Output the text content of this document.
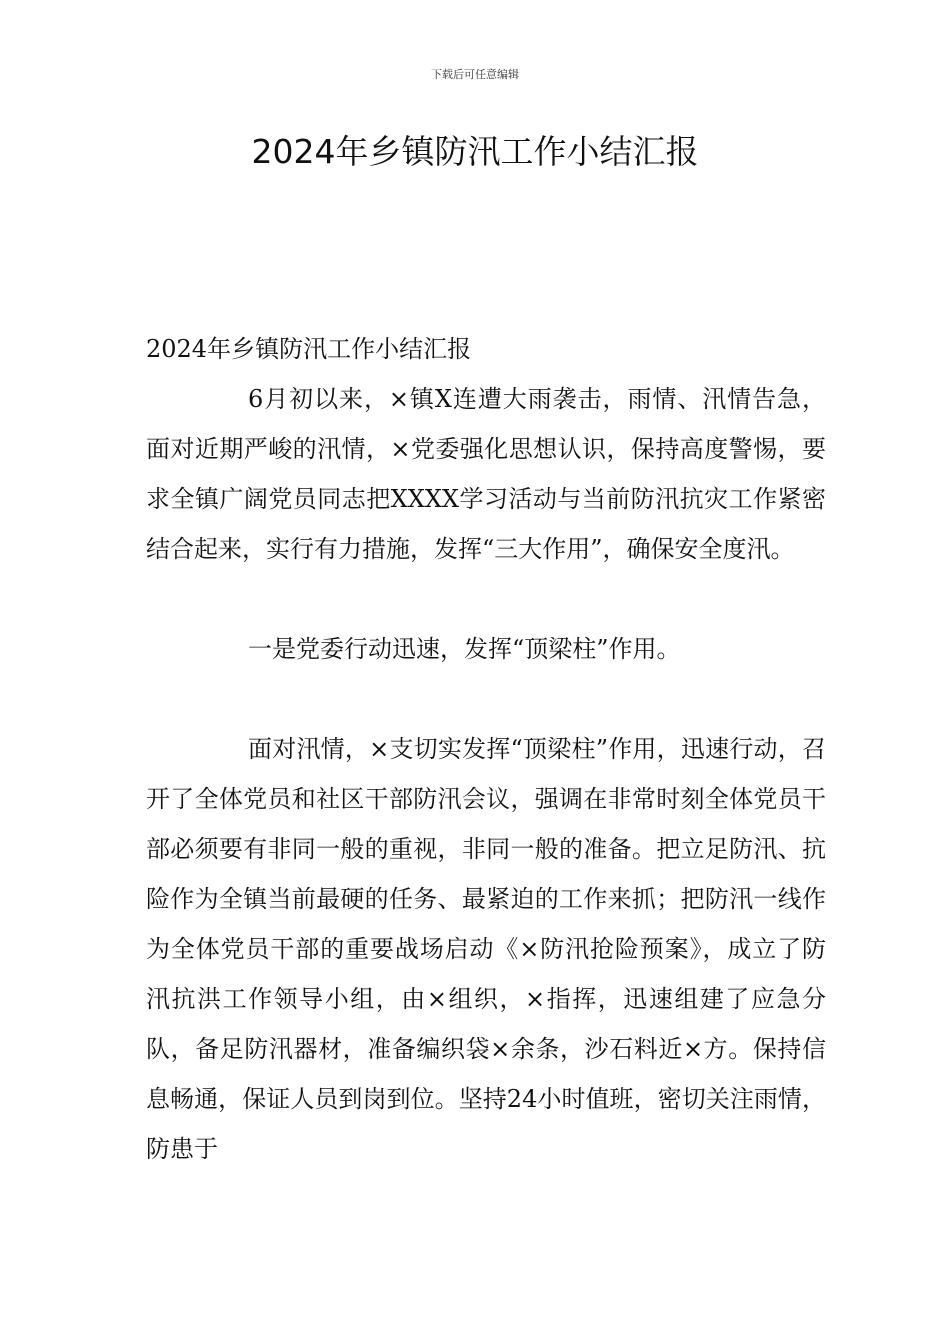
下载后可任意编辑
2024年乡镇防汛工作小结汇报

2024年乡镇防汛工作小结汇报

6月初以来，×镇X连遭大雨袭击，雨情、汛情告急，面对近期严峻的汛情，×党委强化思想认识，保持高度警惕，要求全镇广阔党员同志把XXXX学习活动与当前防汛抗灾工作紧密结合起来，实行有力措施，发挥“三大作用”，确保安全度汛。

一是党委行动迅速，发挥“顶梁柱”作用。

面对汛情，×支切实发挥“顶梁柱”作用，迅速行动，召开了全体党员和社区干部防汛会议，强调在非常时刻全体党员干部必须要有非同一般的重视，非同一般的准备。把立足防汛、抗险作为全镇当前最硬的任务、最紧迫的工作来抓；把防汛一线作为全体党员干部的重要战场启动《×防汛抢险预案》，成立了防汛抗洪工作领导小组，由×组织，×指挥，迅速组建了应急分队，备足防汛器材，准备编织袋×余条，沙石料近×方。保持信息畅通，保证人员到岗到位。坚持24小时值班，密切关注雨情，防患于
